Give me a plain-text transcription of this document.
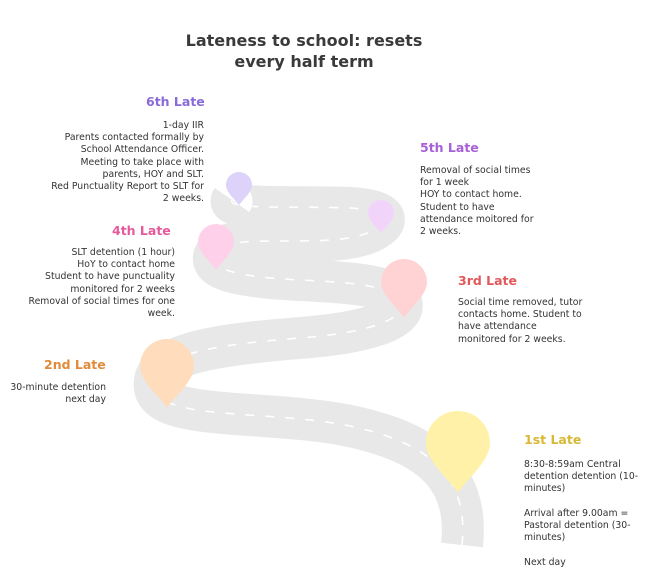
Lateness to school: resets
every half term
6th Late
1-day IIR
Parents contacted formally by
School Attendance Officer.
Meeting to take place with
parents, HOY and SLT.
Red Punctuality Report to SLT for
2 weeks.
5th Late
Removal of social times
for 1 week
HOY to contact home.
Student to have
attendance moitored for
2 weeks.
4th Late
SLT detention (1 hour)
HoY to contact home
Student to have punctuality
monitored for 2 weeks
Removal of social times for one
week.
3rd Late
Social time removed, tutor
contacts home. Student to
have attendance
monitored for 2 weeks.
2nd Late
30-minute detention
next day
1st Late
8:30-8:59am Central
detention detention (10-
minutes)

Arrival after 9.00am =
Pastoral detention (30-
minutes)

Next day
